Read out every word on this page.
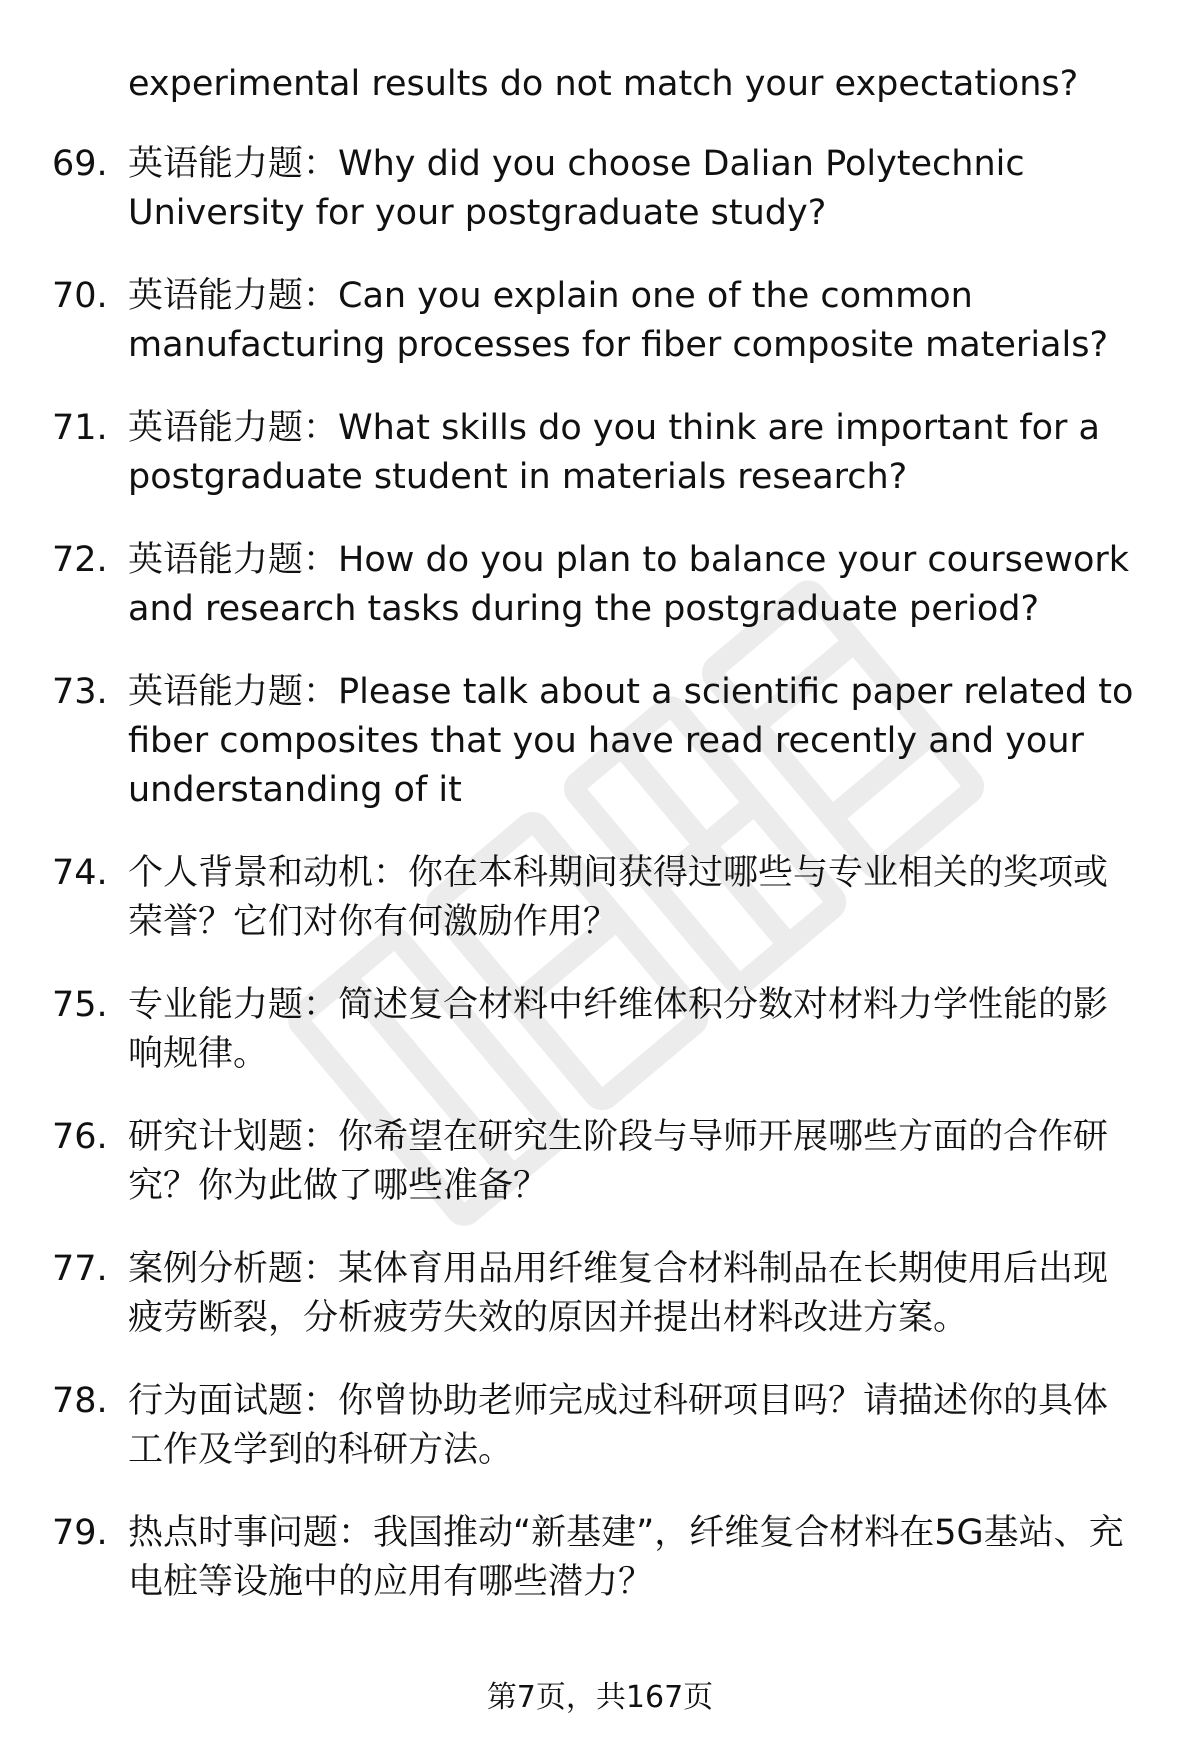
experimental results do not match your expectations?

69. 英语能力题：Why did you choose Dalian Polytechnic University for your postgraduate study?
70. 英语能力题：Can you explain one of the common manufacturing processes for fiber composite materials?
71. 英语能力题：What skills do you think are important for a postgraduate student in materials research?
72. 英语能力题：How do you plan to balance your coursework and research tasks during the postgraduate period?
73. 英语能力题：Please talk about a scientific paper related to fiber composites that you have read recently and your understanding of it
74. 个人背景和动机：你在本科期间获得过哪些与专业相关的奖项或荣誉？它们对你有何激励作用？
75. 专业能力题：简述复合材料中纤维体积分数对材料力学性能的影响规律。
76. 研究计划题：你希望在研究生阶段与导师开展哪些方面的合作研究？你为此做了哪些准备？
77. 案例分析题：某体育用品用纤维复合材料制品在长期使用后出现疲劳断裂，分析疲劳失效的原因并提出材料改进方案。
78. 行为面试题：你曾协助老师完成过科研项目吗？请描述你的具体工作及学到的科研方法。
79. 热点时事问题：我国推动“新基建”，纤维复合材料在5G基站、充电桩等设施中的应用有哪些潜力？
第7页，共167页
